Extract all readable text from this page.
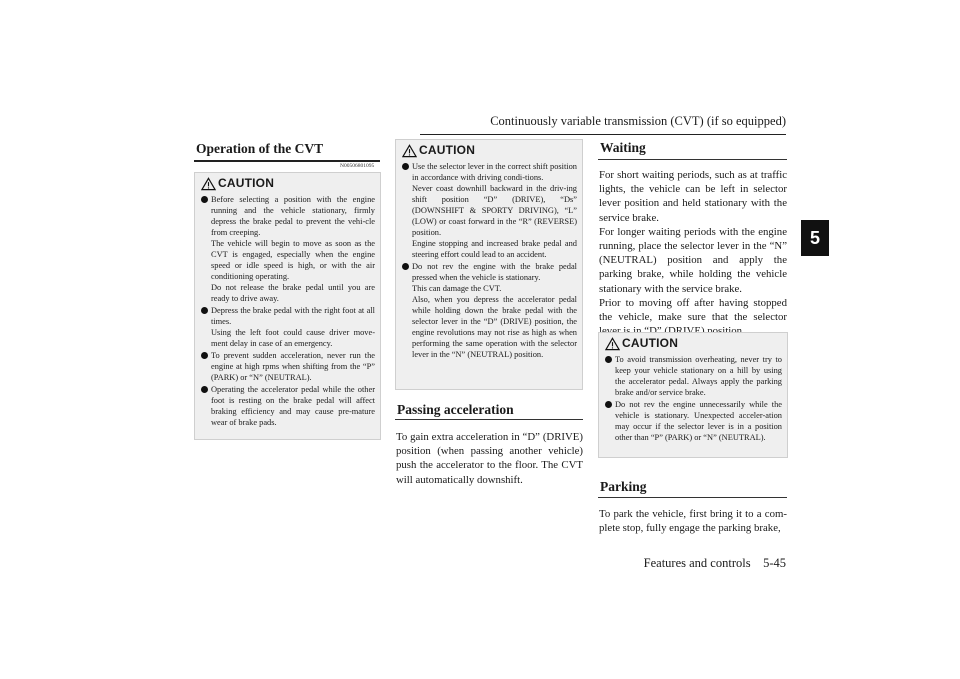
Continuously variable transmission (CVT) (if so equipped)
5
Features and controls 5-45
Operation of the CVT
N00506801095
CAUTION

Before selecting a position with the engine running and the vehicle stationary, firmly depress the brake pedal to prevent the vehi-cle from creeping.

The vehicle will begin to move as soon as the CVT is engaged, especially when the engine speed or idle speed is high, or with the air conditioning operating.

Do not release the brake pedal until you are ready to drive away.

Depress the brake pedal with the right foot at all times.

Using the left foot could cause driver move-ment delay in case of an emergency.

To prevent sudden acceleration, never run the engine at high rpms when shifting from the “P” (PARK) or “N” (NEUTRAL).

Operating the accelerator pedal while the other foot is resting on the brake pedal will affect braking efficiency and may cause pre-mature wear of brake pads.

CAUTION

Use the selector lever in the correct shift position in accordance with driving condi-tions.

Never coast downhill backward in the driv-ing shift position “D” (DRIVE), “Ds” (DOWNSHIFT & SPORTY DRIVING), “L” (LOW) or coast forward in the “R” (REVERSE) position.

Engine stopping and increased brake pedal and steering effort could lead to an accident.

Do not rev the engine with the brake pedal pressed when the vehicle is stationary.

This can damage the CVT.

Also, when you depress the accelerator pedal while holding down the brake pedal with the selector lever in the “D” (DRIVE) position, the engine revolutions may not rise as high as when performing the same operation with the selector lever in the “N” (NEUTRAL) position.

Passing acceleration

To gain extra acceleration in “D” (DRIVE) position (when passing another vehicle) push the accelerator to the floor. The CVT will automatically downshift.

Waiting

For short waiting periods, such as at traffic lights, the vehicle can be left in selector lever position and held stationary with the service brake.

For longer waiting periods with the engine running, place the selector lever in the “N” (NEUTRAL) position and apply the parking brake, while holding the vehicle stationary with the service brake.

Prior to moving off after having stopped the vehicle, make sure that the selector

CAUTION

To avoid transmission overheating, never try to keep your vehicle stationary on a hill by using the accelerator pedal. Always apply the parking brake and/or service brake.

Do not rev the engine unnecessarily while the vehicle is stationary. Unexpected acceler-ation may occur if the selector lever is in a position other than “P” (PARK) or “N” (NEUTRAL).

Parking

To park the vehicle, first bring it to a com-plete stop, fully engage the parking brake,
